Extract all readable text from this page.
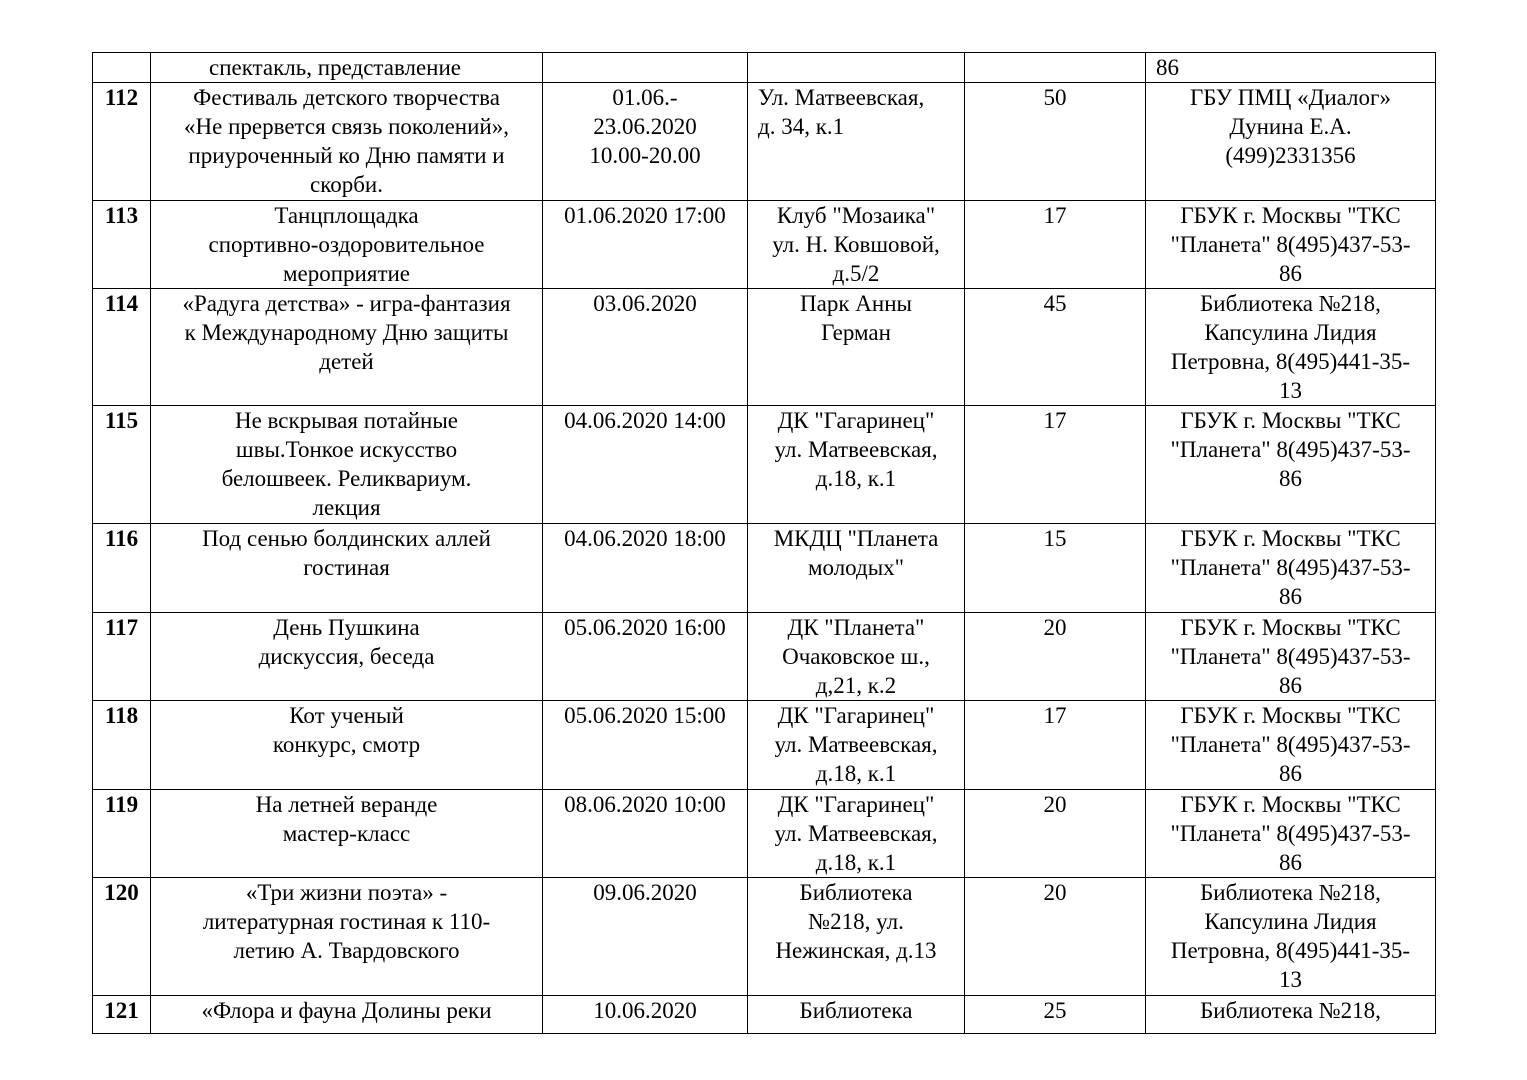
	спектакль, представление				86

112	Фестиваль детского творчества
«Не прервется связь поколений»,
приуроченный ко Дню памяти и
скорби.	01.06.-
23.06.2020
10.00-20.00	Ул. Матвеевская,
д. 34, к.1	50	ГБУ ПМЦ «Диалог»
Дунина Е.А.
(499)2331356

113	Танцплощадка
спортивно-оздоровительное
мероприятие	01.06.2020 17:00	Клуб "Мозаика"
ул. Н. Ковшовой,
д.5/2	17	ГБУК г. Москвы "ТКС
"Планета" 8(495)437-53-
86

114	«Радуга детства» - игра-фантазия
к Международному Дню защиты
детей	03.06.2020	Парк Анны
Герман	45	Библиотека №218,
Капсулина Лидия
Петровна, 8(495)441-35-
13

115	Не вскрывая потайные
швы.Тонкое искусство
белошвеек. Реликвариум.
лекция	04.06.2020 14:00	ДК "Гагаринец"
ул. Матвеевская,
д.18, к.1	17	ГБУК г. Москвы "ТКС
"Планета" 8(495)437-53-
86

116	Под сенью болдинских аллей
гостиная	04.06.2020 18:00	МКДЦ "Планета
молодых"	15	ГБУК г. Москвы "ТКС
"Планета" 8(495)437-53-
86

117	День Пушкина
дискуссия, беседа	05.06.2020 16:00	ДК "Планета"
Очаковское ш.,
д,21, к.2	20	ГБУК г. Москвы "ТКС
"Планета" 8(495)437-53-
86

118	Кот ученый
конкурс, смотр	05.06.2020 15:00	ДК "Гагаринец"
ул. Матвеевская,
д.18, к.1	17	ГБУК г. Москвы "ТКС
"Планета" 8(495)437-53-
86

119	На летней веранде
мастер-класс	08.06.2020 10:00	ДК "Гагаринец"
ул. Матвеевская,
д.18, к.1	20	ГБУК г. Москвы "ТКС
"Планета" 8(495)437-53-
86

120	«Три жизни поэта» -
литературная гостиная к 110-
летию А. Твардовского	09.06.2020	Библиотека
№218, ул.
Нежинская, д.13	20	Библиотека №218,
Капсулина Лидия
Петровна, 8(495)441-35-
13

121	«Флора и фауна Долины реки	10.06.2020	Библиотека	25	Библиотека №218,
